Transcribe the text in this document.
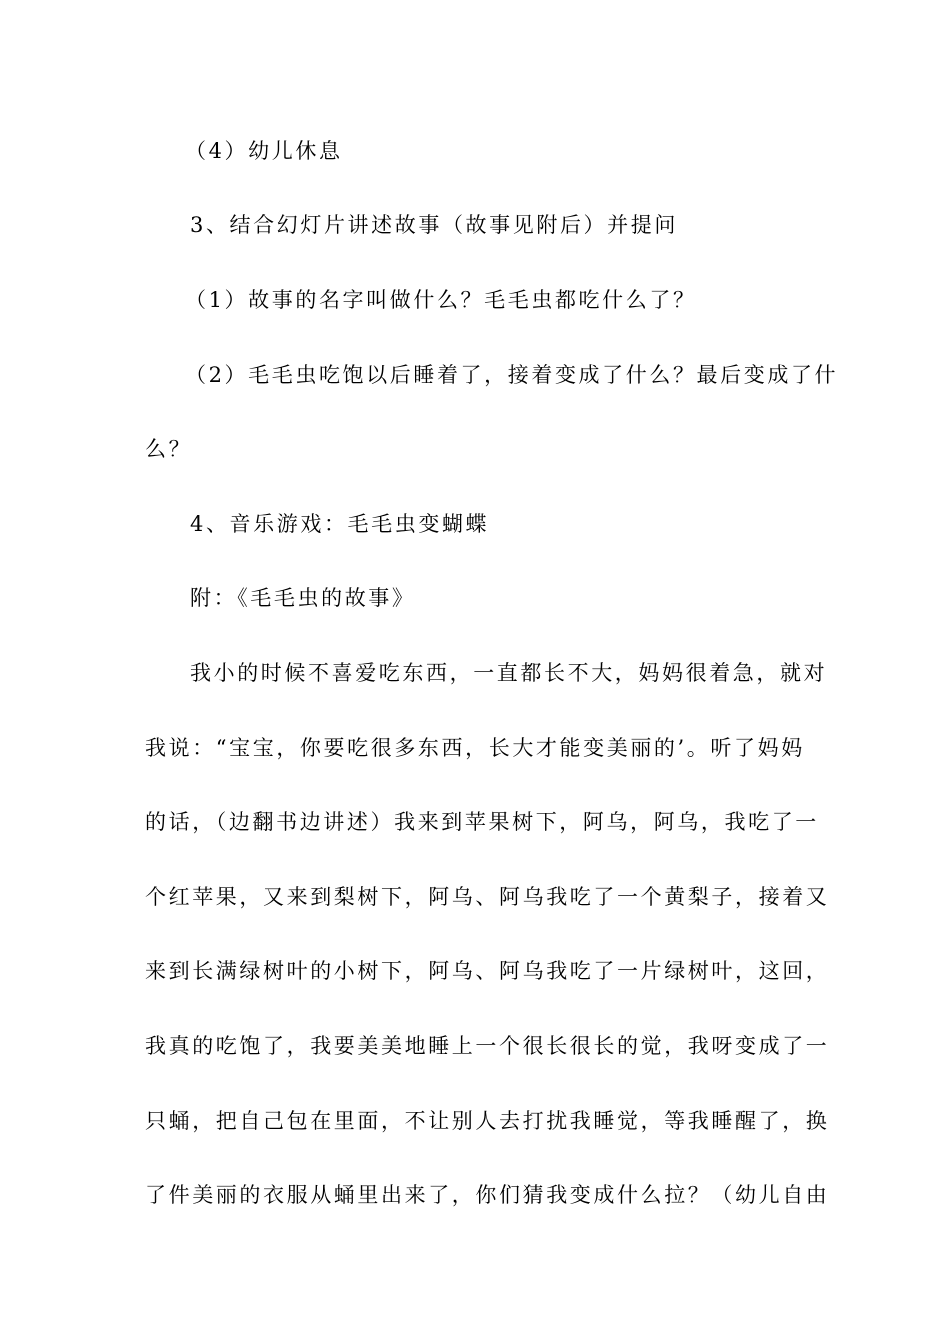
（4）幼儿休息
3、结合幻灯片讲述故事（故事见附后）并提问
（1）故事的名字叫做什么？毛毛虫都吃什么了？
（2）毛毛虫吃饱以后睡着了，接着变成了什么？最后变成了什
么？
4、音乐游戏：毛毛虫变蝴蝶
附：《毛毛虫的故事》
我小的时候不喜爱吃东西，一直都长不大，妈妈很着急，就对
我说：“宝宝，你要吃很多东西，长大才能变美丽的’。听了妈妈
的话，（边翻书边讲述）我来到苹果树下，阿乌，阿乌，我吃了一
个红苹果，又来到梨树下，阿乌、阿乌我吃了一个黄梨子，接着又
来到长满绿树叶的小树下，阿乌、阿乌我吃了一片绿树叶，这回，
我真的吃饱了，我要美美地睡上一个很长很长的觉，我呀变成了一
只蛹，把自己包在里面，不让别人去打扰我睡觉，等我睡醒了，换
了件美丽的衣服从蛹里出来了，你们猜我变成什么拉？（幼儿自由
